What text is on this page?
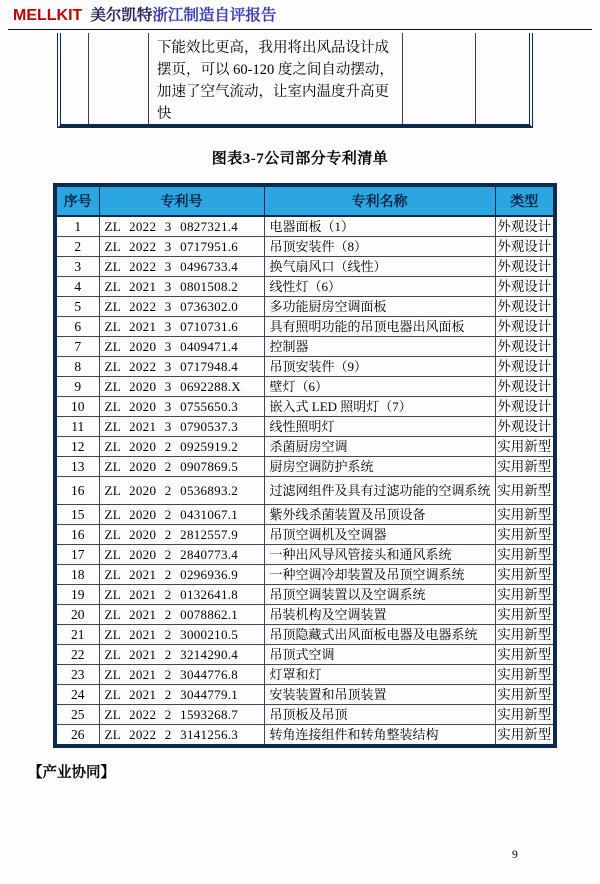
MELLKIT 美尔凯特浙江制造自评报告
下能效比更高，我用将出风品设计成摆页，可以 60-120 度之间自动摆动，加速了空气流动，让室内温度升高更快
图表3-7公司部分专利清单
序号	专利号	专利名称	类型
1	ZL 2022 3 0827321.4	电器面板（1）	外观设计
2	ZL 2022 3 0717951.6	吊顶安装件（8）	外观设计
3	ZL 2022 3 0496733.4	换气扇风口（线性）	外观设计
4	ZL 2021 3 0801508.2	线性灯（6）	外观设计
5	ZL 2022 3 0736302.0	多功能厨房空调面板	外观设计
6	ZL 2021 3 0710731.6	具有照明功能的吊顶电器出风面板	外观设计
7	ZL 2020 3 0409471.4	控制器	外观设计
8	ZL 2022 3 0717948.4	吊顶安装件（9）	外观设计
9	ZL 2020 3 0692288.X	壁灯（6）	外观设计
10	ZL 2020 3 0755650.3	嵌入式 LED 照明灯（7）	外观设计
11	ZL 2021 3 0790537.3	线性照明灯	外观设计
12	ZL 2020 2 0925919.2	杀菌厨房空调	实用新型
13	ZL 2020 2 0907869.5	厨房空调防护系统	实用新型
16	ZL 2020 2 0536893.2	过滤网组件及具有过滤功能的空调系统	实用新型
15	ZL 2020 2 0431067.1	紫外线杀菌装置及吊顶设备	实用新型
16	ZL 2020 2 2812557.9	吊顶空调机及空调器	实用新型
17	ZL 2020 2 2840773.4	一种出风导风管接头和通风系统	实用新型
18	ZL 2021 2 0296936.9	一种空调冷却装置及吊顶空调系统	实用新型
19	ZL 2021 2 0132641.8	吊顶空调装置以及空调系统	实用新型
20	ZL 2021 2 0078862.1	吊装机构及空调装置	实用新型
21	ZL 2021 2 3000210.5	吊顶隐藏式出风面板电器及电器系统	实用新型
22	ZL 2021 2 3214290.4	吊顶式空调	实用新型
23	ZL 2021 2 3044776.8	灯罩和灯	实用新型
24	ZL 2021 2 3044779.1	安装装置和吊顶装置	实用新型
25	ZL 2022 2 1593268.7	吊顶板及吊顶	实用新型
26	ZL 2022 2 3141256.3	转角连接组件和转角整装结构	实用新型
【产业协同】
9
